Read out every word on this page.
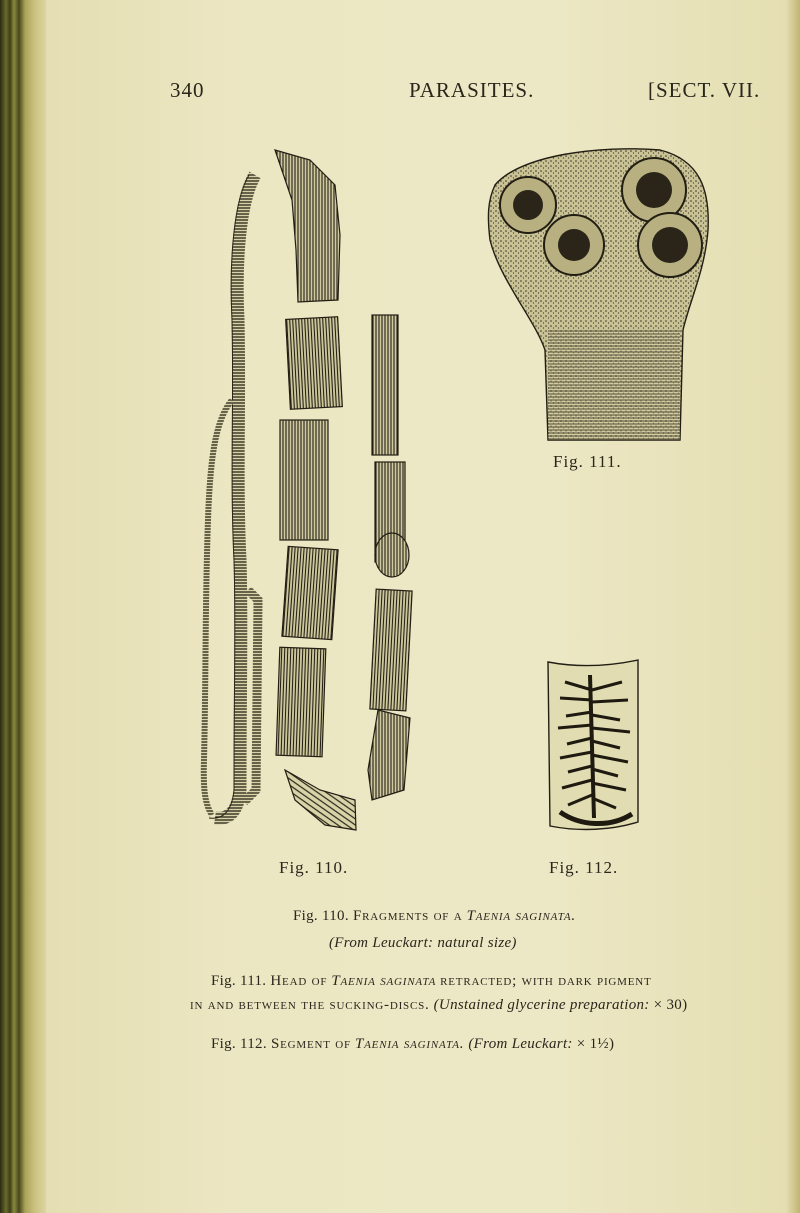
340	PARASITES.	[SECT. VII.
Fig. 111.
Fig. 110.	Fig. 112.
Fig. 110. Fragments of a Taenia saginata.
(From Leuckart: natural size)
Fig. 111. Head of Taenia saginata retracted; with dark pigment
in and between the sucking-discs. (Unstained glycerine preparation: × 30)
Fig. 112. Segment of Taenia saginata. (From Leuckart: × 1½)
